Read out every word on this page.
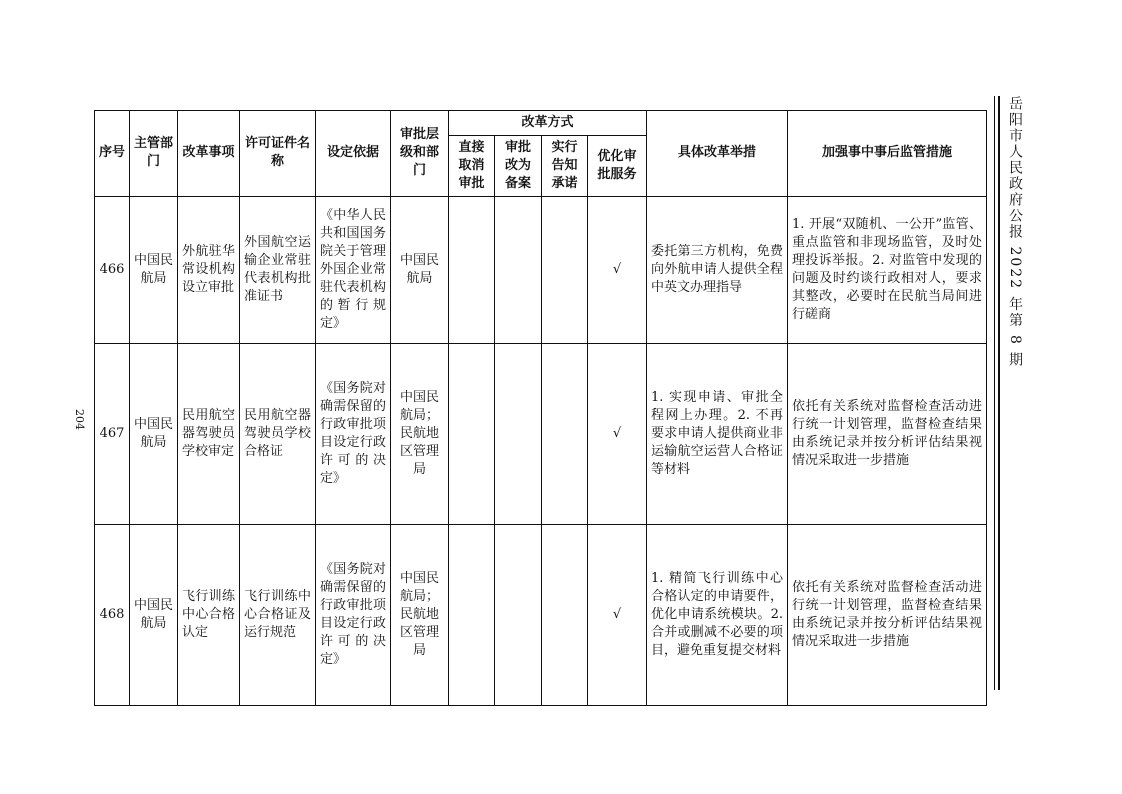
204
岳阳市人民政府公报 2022 年第 8 期
序号	主管部门	改革事项	许可证件名称	设定依据	审批层级和部门	改革方式				具体改革举措	加强事中事后监管措施
						直接取消审批	审批改为备案	实行告知承诺	优化审批服务		
466	中国民航局	外航驻华常设机构设立审批	外国航空运输企业常驻代表机构批准证书	《中华人民共和国国务院关于管理外国企业常驻代表机构的暂行规定》	中国民航局				√	委托第三方机构，免费向外航申请人提供全程中英文办理指导	1. 开展“双随机、一公开”监管、重点监管和非现场监管，及时处理投诉举报。2. 对监管中发现的问题及时约谈行政相对人，要求其整改，必要时在民航当局间进行磋商
467	中国民航局	民用航空器驾驶员学校审定	民用航空器驾驶员学校合格证	《国务院对确需保留的行政审批项目设定行政许可的决定》	中国民航局；民航地区管理局				√	1. 实现申请、审批全程网上办理。2. 不再要求申请人提供商业非运输航空运营人合格证等材料	依托有关系统对监督检查活动进行统一计划管理，监督检查结果由系统记录并按分析评估结果视情况采取进一步措施
468	中国民航局	飞行训练中心合格认定	飞行训练中心合格证及运行规范	《国务院对确需保留的行政审批项目设定行政许可的决定》	中国民航局；民航地区管理局				√	1. 精简飞行训练中心合格认定的申请要件，优化申请系统模块。2. 合并或删减不必要的项目，避免重复提交材料	依托有关系统对监督检查活动进行统一计划管理，监督检查结果由系统记录并按分析评估结果视情况采取进一步措施
